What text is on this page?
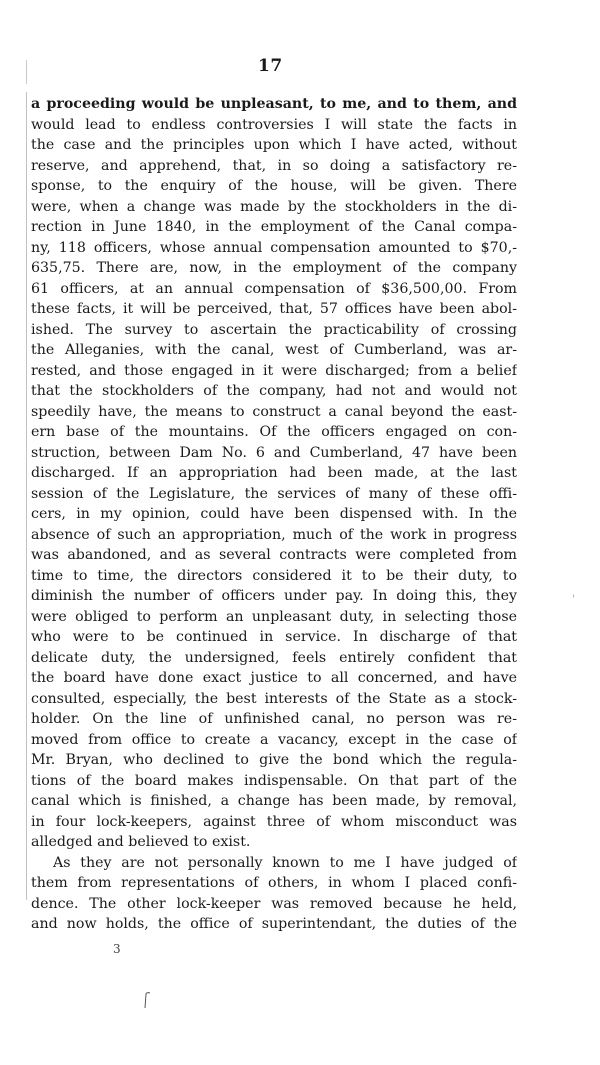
17
a proceeding would be unpleasant, to me, and to them, and
would lead to endless controversies I will state the facts in
the case and the principles upon which I have acted, without
reserve, and apprehend, that, in so doing a satisfactory re-
sponse, to the enquiry of the house, will be given. There
were, when a change was made by the stockholders in the di-
rection in June 1840, in the employment of the Canal compa-
ny, 118 officers, whose annual compensation amounted to $70,-
635,75. There are, now, in the employment of the company
61 officers, at an annual compensation of $36,500,00. From
these facts, it will be perceived, that, 57 offices have been abol-
ished. The survey to ascertain the practicability of crossing
the Alleganies, with the canal, west of Cumberland, was ar-
rested, and those engaged in it were discharged; from a belief
that the stockholders of the company, had not and would not
speedily have, the means to construct a canal beyond the east-
ern base of the mountains. Of the officers engaged on con-
struction, between Dam No. 6 and Cumberland, 47 have been
discharged. If an appropriation had been made, at the last
session of the Legislature, the services of many of these offi-
cers, in my opinion, could have been dispensed with. In the
absence of such an appropriation, much of the work in progress
was abandoned, and as several contracts were completed from
time to time, the directors considered it to be their duty, to
diminish the number of officers under pay. In doing this, they
were obliged to perform an unpleasant duty, in selecting those
who were to be continued in service. In discharge of that
delicate duty, the undersigned, feels entirely confident that
the board have done exact justice to all concerned, and have
consulted, especially, the best interests of the State as a stock-
holder. On the line of unfinished canal, no person was re-
moved from office to create a vacancy, except in the case of
Mr. Bryan, who declined to give the bond which the regula-
tions of the board makes indispensable. On that part of the
canal which is finished, a change has been made, by removal,
in four lock-keepers, against three of whom misconduct was
alledged and believed to exist.
As they are not personally known to me I have judged of
them from representations of others, in whom I placed confi-
dence. The other lock-keeper was removed because he held,
and now holds, the office of superintendant, the duties of the
3
'
